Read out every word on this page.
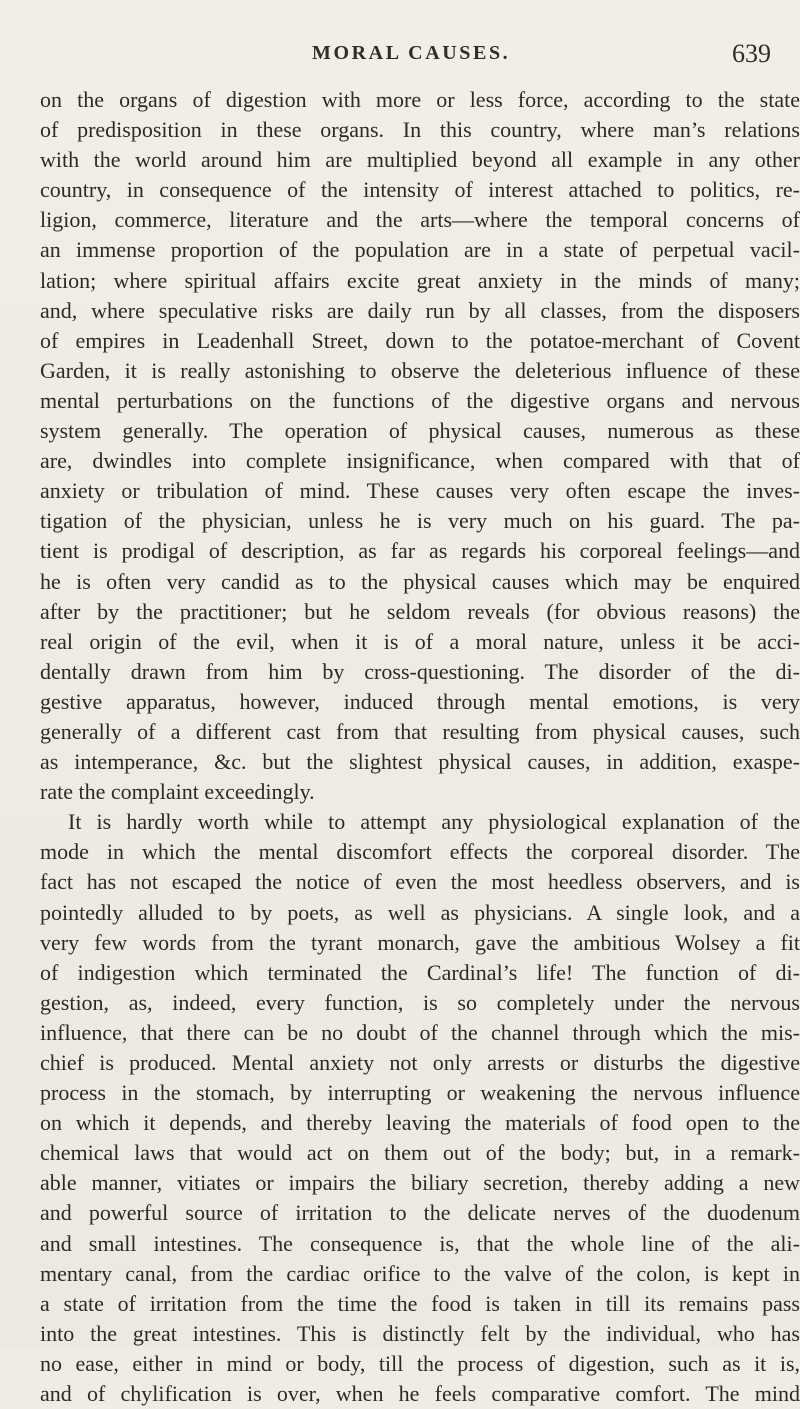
MORAL CAUSES.	639
on the organs of digestion with more or less force, according to the state
of predisposition in these organs. In this country, where man’s relations
with the world around him are multiplied beyond all example in any other
country, in consequence of the intensity of interest attached to politics, re-
ligion, commerce, literature and the arts—where the temporal concerns of
an immense proportion of the population are in a state of perpetual vacil-
lation; where spiritual affairs excite great anxiety in the minds of many;
and, where speculative risks are daily run by all classes, from the disposers
of empires in Leadenhall Street, down to the potatoe-merchant of Covent
Garden, it is really astonishing to observe the deleterious influence of these
mental perturbations on the functions of the digestive organs and nervous
system generally. The operation of physical causes, numerous as these
are, dwindles into complete insignificance, when compared with that of
anxiety or tribulation of mind. These causes very often escape the inves-
tigation of the physician, unless he is very much on his guard. The pa-
tient is prodigal of description, as far as regards his corporeal feelings—and
he is often very candid as to the physical causes which may be enquired
after by the practitioner; but he seldom reveals (for obvious reasons) the
real origin of the evil, when it is of a moral nature, unless it be acci-
dentally drawn from him by cross-questioning. The disorder of the di-
gestive apparatus, however, induced through mental emotions, is very
generally of a different cast from that resulting from physical causes, such
as intemperance, &c. but the slightest physical causes, in addition, exaspe-
rate the complaint exceedingly.
It is hardly worth while to attempt any physiological explanation of the
mode in which the mental discomfort effects the corporeal disorder. The
fact has not escaped the notice of even the most heedless observers, and is
pointedly alluded to by poets, as well as physicians. A single look, and a
very few words from the tyrant monarch, gave the ambitious Wolsey a fit
of indigestion which terminated the Cardinal’s life! The function of di-
gestion, as, indeed, every function, is so completely under the nervous
influence, that there can be no doubt of the channel through which the mis-
chief is produced. Mental anxiety not only arrests or disturbs the digestive
process in the stomach, by interrupting or weakening the nervous influence
on which it depends, and thereby leaving the materials of food open to the
chemical laws that would act on them out of the body; but, in a remark-
able manner, vitiates or impairs the biliary secretion, thereby adding a new
and powerful source of irritation to the delicate nerves of the duodenum
and small intestines. The consequence is, that the whole line of the ali-
mentary canal, from the cardiac orifice to the valve of the colon, is kept in
a state of irritation from the time the food is taken in till its remains pass
into the great intestines. This is distinctly felt by the individual, who has
no ease, either in mind or body, till the process of digestion, such as it is,
and of chylification is over, when he feels comparative comfort. The mind
